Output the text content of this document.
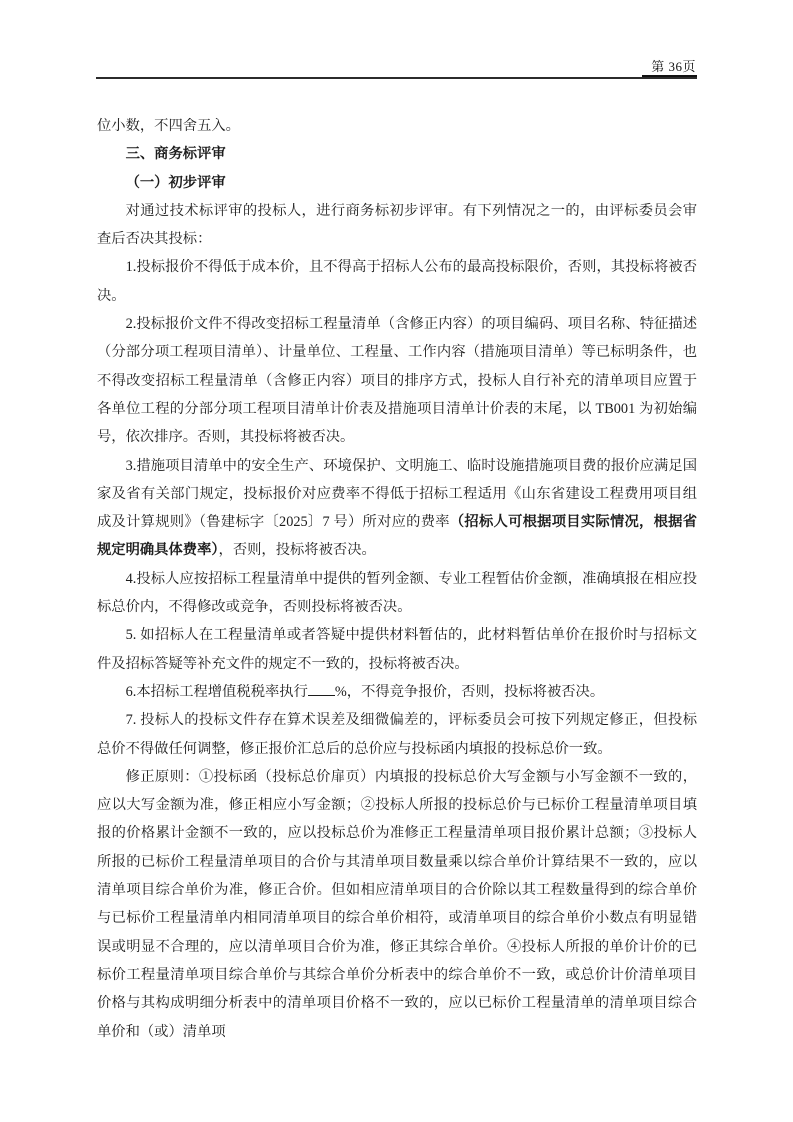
第 36页

位小数，不四舍五入。

三、商务标评审

（一）初步评审

对通过技术标评审的投标人，进行商务标初步评审。有下列情况之一的，由评标委员会审查后否决其投标：

1.投标报价不得低于成本价，且不得高于招标人公布的最高投标限价，否则，其投标将被否决。

2.投标报价文件不得改变招标工程量清单（含修正内容）的项目编码、项目名称、特征描述（分部分项工程项目清单）、计量单位、工程量、工作内容（措施项目清单）等已标明条件，也不得改变招标工程量清单（含修正内容）项目的排序方式，投标人自行补充的清单项目应置于各单位工程的分部分项工程项目清单计价表及措施项目清单计价表的末尾，以 TB001 为初始编号，依次排序。否则，其投标将被否决。

3.措施项目清单中的安全生产、环境保护、文明施工、临时设施措施项目费的报价应满足国家及省有关部门规定，投标报价对应费率不得低于招标工程适用《山东省建设工程费用项目组成及计算规则》（鲁建标字〔2025〕7 号）所对应的费率（招标人可根据项目实际情况，根据省规定明确具体费率），否则，投标将被否决。

4.投标人应按招标工程量清单中提供的暂列金额、专业工程暂估价金额，准确填报在相应投标总价内，不得修改或竞争，否则投标将被否决。

5. 如招标人在工程量清单或者答疑中提供材料暂估的，此材料暂估单价在报价时与招标文件及招标答疑等补充文件的规定不一致的，投标将被否决。

6.本招标工程增值税税率执行 %，不得竞争报价，否则，投标将被否决。

7. 投标人的投标文件存在算术误差及细微偏差的，评标委员会可按下列规定修正，但投标总价不得做任何调整，修正报价汇总后的总价应与投标函内填报的投标总价一致。

修正原则：①投标函（投标总价扉页）内填报的投标总价大写金额与小写金额不一致的，应以大写金额为准，修正相应小写金额；②投标人所报的投标总价与已标价工程量清单项目填报的价格累计金额不一致的，应以投标总价为准修正工程量清单项目报价累计总额；③投标人所报的已标价工程量清单项目的合价与其清单项目数量乘以综合单价计算结果不一致的，应以清单项目综合单价为准，修正合价。但如相应清单项目的合价除以其工程数量得到的综合单价与已标价工程量清单内相同清单项目的综合单价相符，或清单项目的综合单价小数点有明显错误或明显不合理的，应以清单项目合价为准，修正其综合单价。④投标人所报的单价计价的已标价工程量清单项目综合单价与其综合单价分析表中的综合单价不一致，或总价计价清单项目价格与其构成明细分析表中的清单项目价格不一致的，应以已标价工程量清单的清单项目综合单价和（或）清单项
